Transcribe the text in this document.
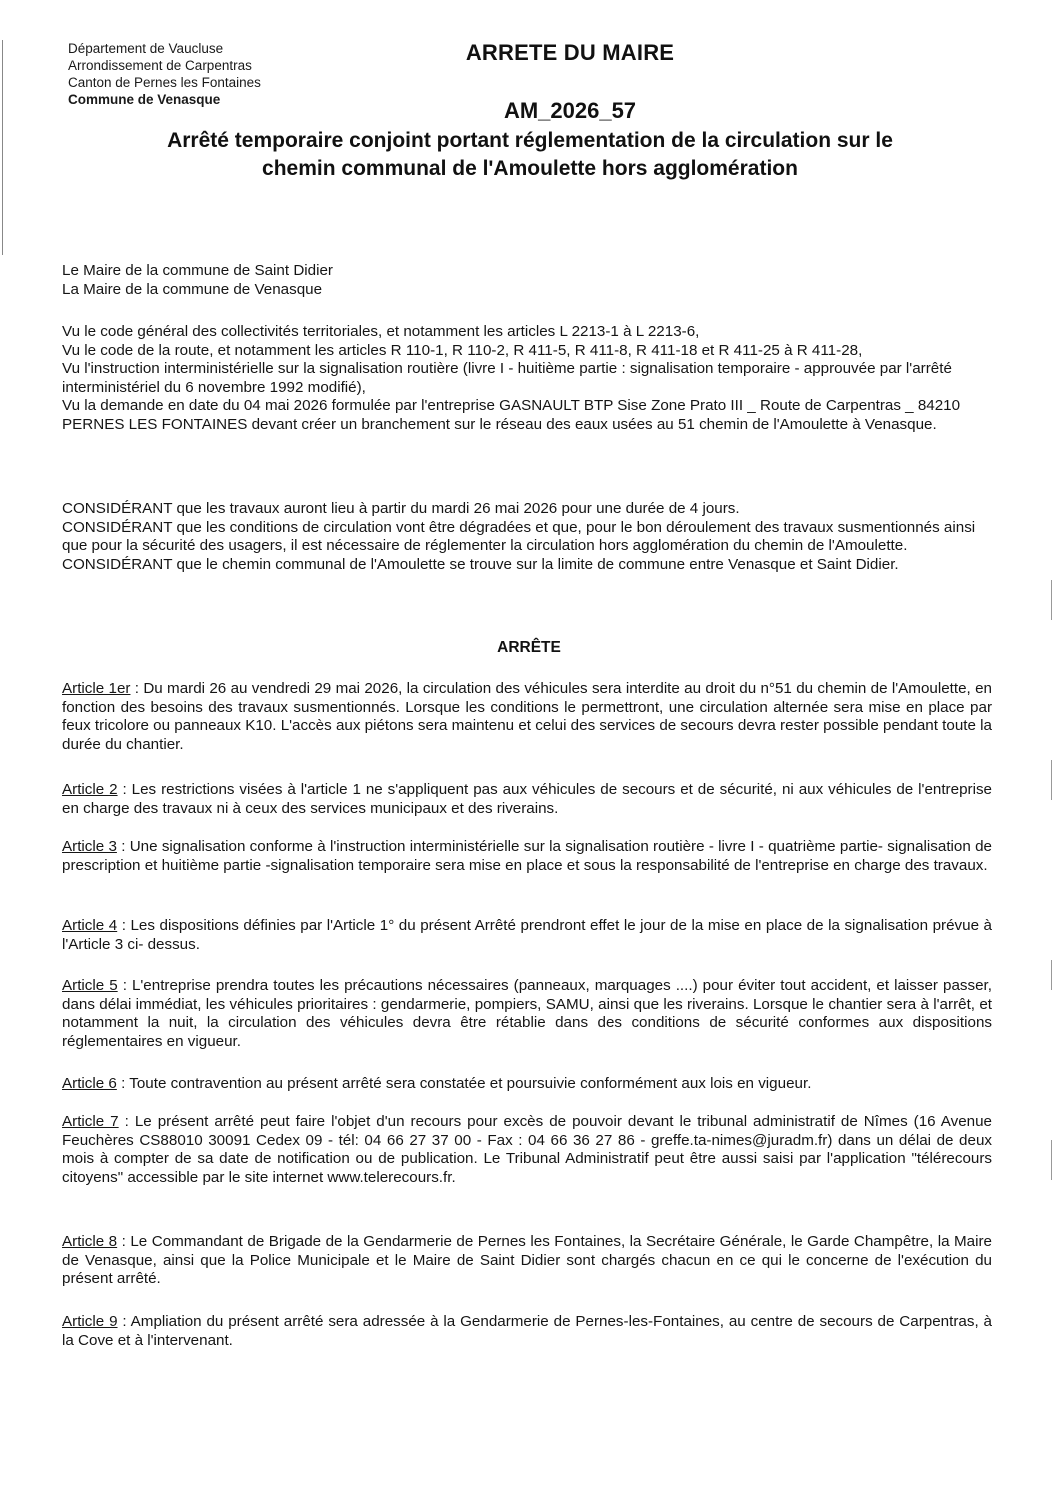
Département de Vaucluse
Arrondissement de Carpentras
Canton de Pernes les Fontaines
Commune de Venasque
ARRETE DU MAIRE
AM_2026_57
Arrêté temporaire conjoint portant réglementation de la circulation sur le
chemin communal de l'Amoulette hors agglomération

Le Maire de la commune de Saint Didier

La Maire de la commune de Venasque

Vu le code général des collectivités territoriales, et notamment les articles L 2213-1 à L 2213-6,

Vu le code de la route, et notamment les articles R 110-1, R 110-2, R 411-5, R 411-8, R 411-18 et R 411-25 à R 411-28,

Vu l'instruction interministérielle sur la signalisation routière (livre I - huitième partie : signalisation temporaire - approuvée par l'arrêté interministériel du 6 novembre 1992 modifié),

Vu la demande en date du 04 mai 2026 formulée par l'entreprise GASNAULT BTP Sise Zone Prato III _ Route de Carpentras _ 84210 PERNES LES FONTAINES devant créer un branchement sur le réseau des eaux usées au 51 chemin de l'Amoulette à Venasque.

CONSIDÉRANT que les travaux auront lieu à partir du mardi 26 mai 2026 pour une durée de 4 jours.

CONSIDÉRANT que les conditions de circulation vont être dégradées et que, pour le bon déroulement des travaux susmentionnés ainsi que pour la sécurité des usagers, il est nécessaire de réglementer la circulation hors agglomération du chemin de l'Amoulette.

CONSIDÉRANT que le chemin communal de l'Amoulette se trouve sur la limite de commune entre Venasque et Saint Didier.

ARRÊTE
Article 1er : Du mardi 26 au vendredi 29 mai 2026, la circulation des véhicules sera interdite au droit du n°51 du chemin de l'Amoulette, en fonction des besoins des travaux susmentionnés. Lorsque les conditions le permettront, une circulation alternée sera mise en place par feux tricolore ou panneaux K10. L'accès aux piétons sera maintenu et celui des services de secours devra rester possible pendant toute la durée du chantier.
Article 2 : Les restrictions visées à l'article 1 ne s'appliquent pas aux véhicules de secours et de sécurité, ni aux véhicules de l'entreprise en charge des travaux ni à ceux des services municipaux et des riverains.
Article 3 : Une signalisation conforme à l'instruction interministérielle sur la signalisation routière - livre I - quatrième partie- signalisation de prescription et huitième partie -signalisation temporaire sera mise en place et sous la responsabilité de l'entreprise en charge des travaux.
Article 4 : Les dispositions définies par l'Article 1° du présent Arrêté prendront effet le jour de la mise en place de la signalisation prévue à l'Article 3 ci- dessus.
Article 5 : L'entreprise prendra toutes les précautions nécessaires (panneaux, marquages ....) pour éviter tout accident, et laisser passer, dans délai immédiat, les véhicules prioritaires : gendarmerie, pompiers, SAMU, ainsi que les riverains. Lorsque le chantier sera à l'arrêt, et notamment la nuit, la circulation des véhicules devra être rétablie dans des conditions de sécurité conformes aux dispositions réglementaires en vigueur.
Article 6 : Toute contravention au présent arrêté sera constatée et poursuivie conformément aux lois en vigueur.
Article 7 : Le présent arrêté peut faire l'objet d'un recours pour excès de pouvoir devant le tribunal administratif de Nîmes (16 Avenue Feuchères CS88010 30091 Cedex 09 - tél: 04 66 27 37 00 - Fax : 04 66 36 27 86 - greffe.ta-nimes@juradm.fr) dans un délai de deux mois à compter de sa date de notification ou de publication. Le Tribunal Administratif peut être aussi saisi par l'application "télérecours citoyens" accessible par le site internet www.telerecours.fr.
Article 8 : Le Commandant de Brigade de la Gendarmerie de Pernes les Fontaines, la Secrétaire Générale, le Garde Champêtre, la Maire de Venasque, ainsi que la Police Municipale et le Maire de Saint Didier sont chargés chacun en ce qui le concerne de l'exécution du présent arrêté.
Article 9 : Ampliation du présent arrêté sera adressée à la Gendarmerie de Pernes-les-Fontaines, au centre de secours de Carpentras, à la Cove et à l'intervenant.
